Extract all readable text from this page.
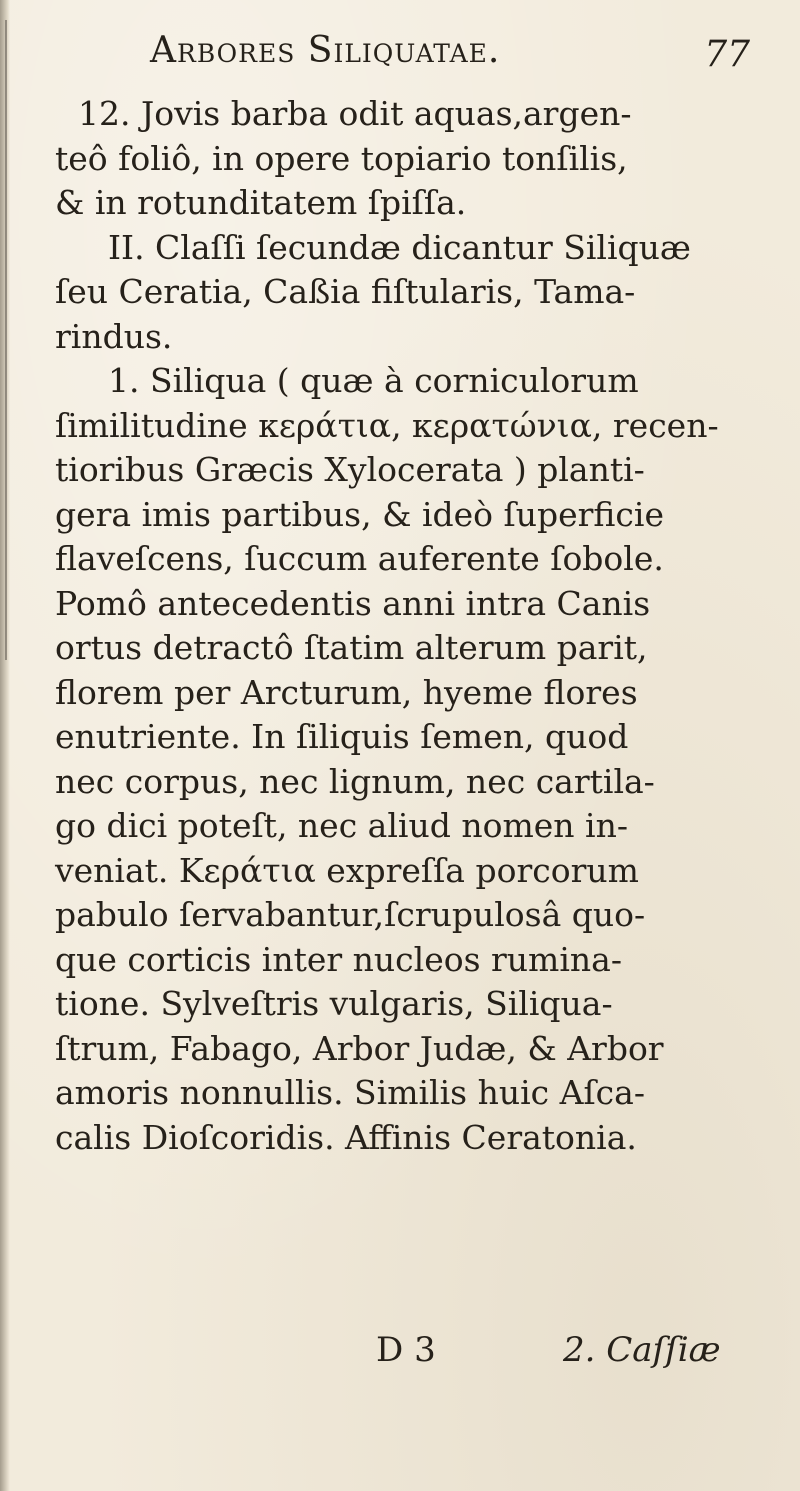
Arbores Siliquatae.	77
12. Jovis barba odit aquas,argen-
teô foliô, in opere topiario tonſilis,
& in rotunditatem ſpiſſa.
II. Claſſi ſecundæ dicantur Siliquæ
ſeu Ceratia, Caßia fiſtularis, Tama-
rindus.
1. Siliqua ( quæ à corniculorum
ſimilitudine κεράτια, κερατώνια, recen-
tioribus Græcis Xylocerata ) planti-
gera imis partibus, & ideò ſuperficie
flaveſcens, ſuccum auferente ſobole.
Pomô antecedentis anni intra Canis
ortus detractô ſtatim alterum parit,
florem per Arcturum, hyeme flores
enutriente. In ſiliquis ſemen, quod
nec corpus, nec lignum, nec cartila-
go dici poteſt, nec aliud nomen in-
veniat. Κεράτια expreſſa porcorum
pabulo ſervabantur,ſcrupulosâ quo-
que corticis inter nucleos rumina-
tione. Sylveſtris vulgaris, Siliqua-
ſtrum, Fabago, Arbor Judæ, & Arbor
amoris nonnullis. Similis huic Aſca-
calis Dioſcoridis. Affinis Ceratonia.
D 3	2. Caſſiæ
